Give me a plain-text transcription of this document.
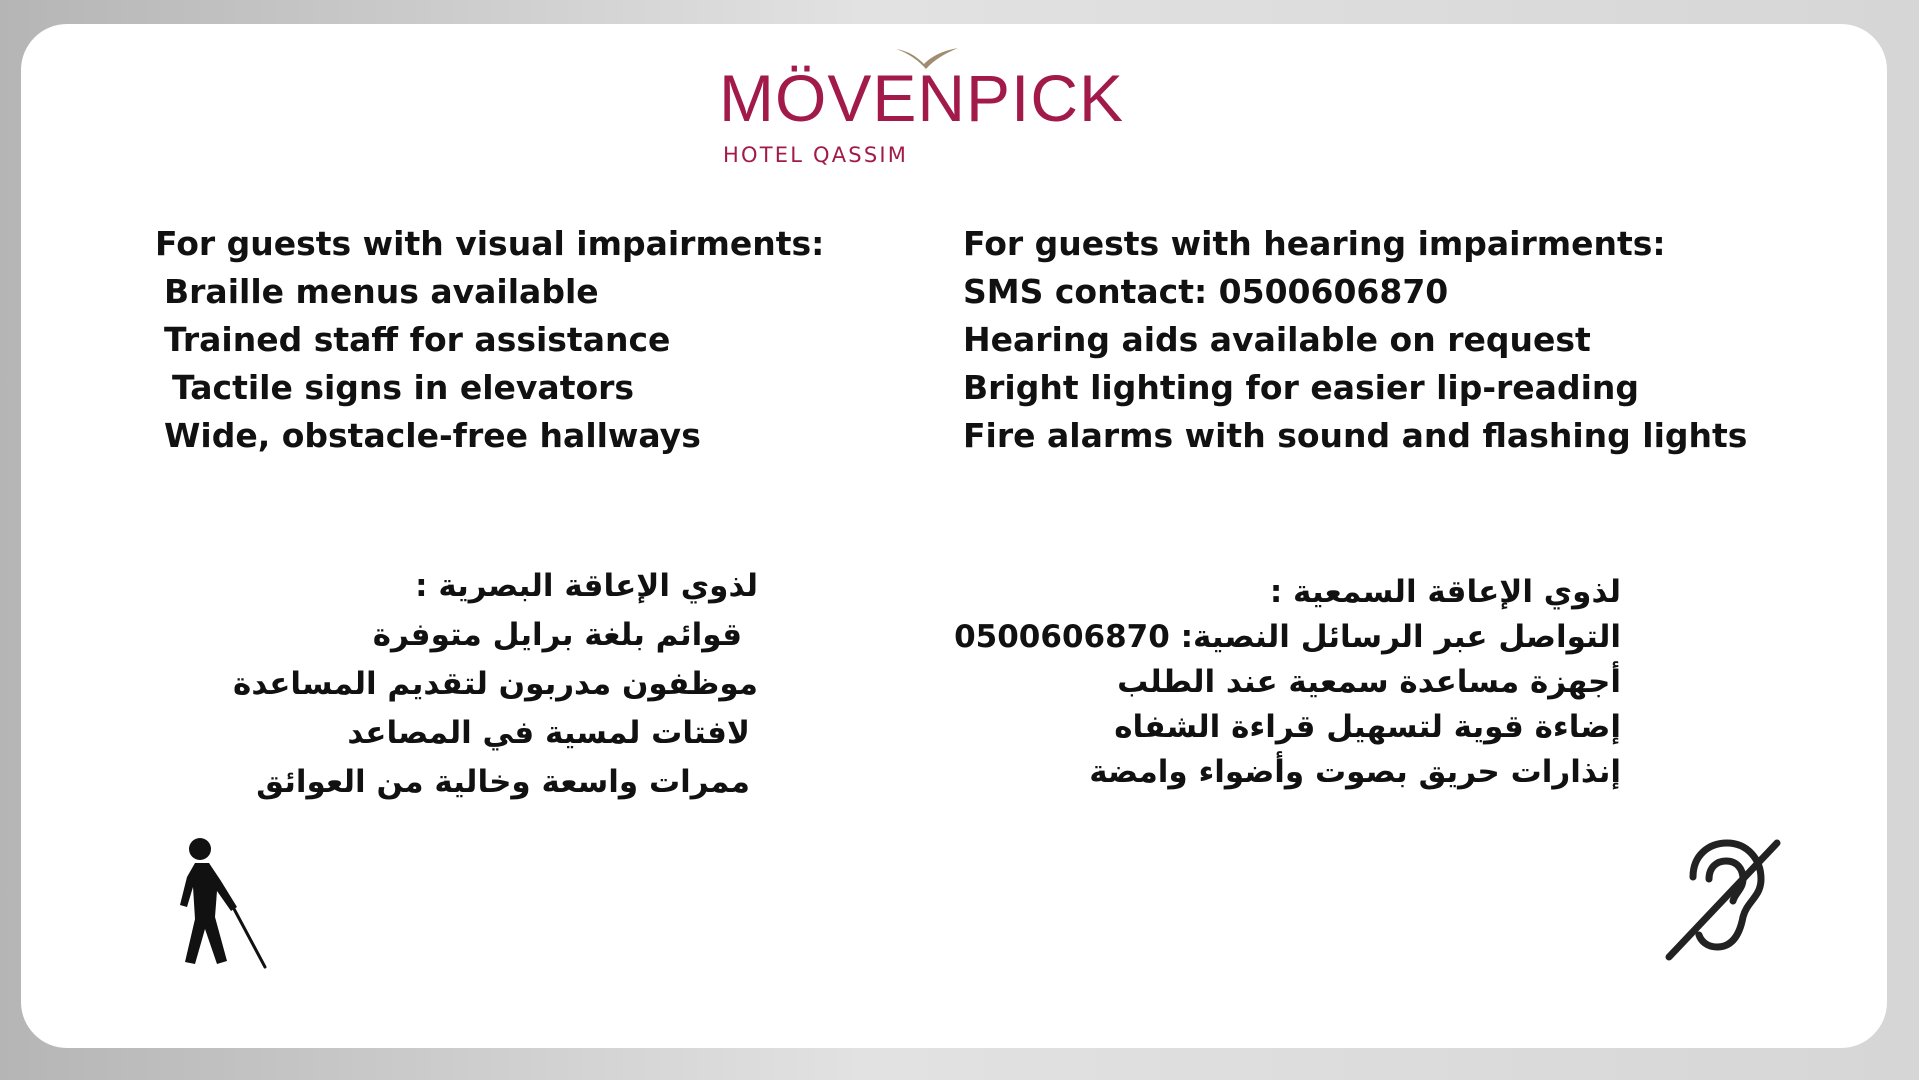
MÖVENPICK
HOTEL QASSIM
For guests with visual impairments:
Braille menus available
Trained staff for assistance
Tactile signs in elevators
Wide, obstacle-free hallways
For guests with hearing impairments:
SMS contact: 0500606870
Hearing aids available on request
Bright lighting for easier lip-reading
Fire alarms with sound and flashing lights
لذوي الإعاقة البصرية :
قوائم بلغة برايل متوفرة
موظفون مدربون لتقديم المساعدة
لافتات لمسية في المصاعد
ممرات واسعة وخالية من العوائق
لذوي الإعاقة السمعية :
التواصل عبر الرسائل النصية: 0500606870
أجهزة مساعدة سمعية عند الطلب
إضاءة قوية لتسهيل قراءة الشفاه
إنذارات حريق بصوت وأضواء وامضة
